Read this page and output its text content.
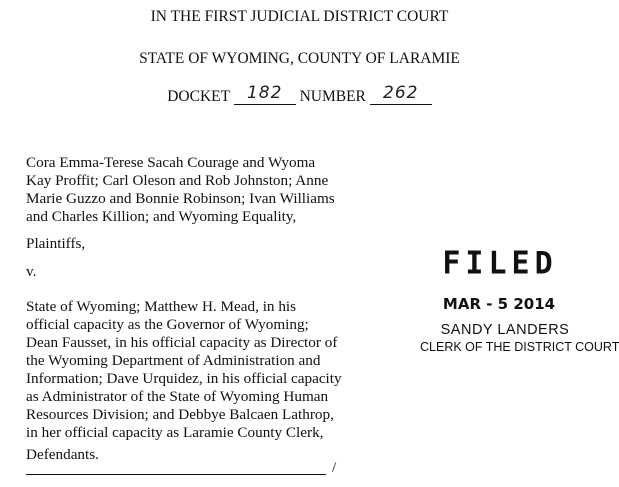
IN THE FIRST JUDICIAL DISTRICT COURT
STATE OF WYOMING, COUNTY OF LARAMIE
DOCKET 182 NUMBER 262
Cora Emma-Terese Sacah Courage and Wyoma
Kay Proffit; Carl Oleson and Rob Johnston; Anne
Marie Guzzo and Bonnie Robinson; Ivan Williams
and Charles Killion; and Wyoming Equality,
Plaintiffs,
v.
State of Wyoming; Matthew H. Mead, in his
official capacity as the Governor of Wyoming;
Dean Fausset, in his official capacity as Director of
the Wyoming Department of Administration and
Information; Dave Urquidez, in his official capacity
as Administrator of the State of Wyoming Human
Resources Division; and Debbye Balcaen Lathrop,
in her official capacity as Laramie County Clerk,
Defendants.
FILED
MAR - 5 2014
SANDY LANDERS
CLERK OF THE DISTRICT COURT
/
